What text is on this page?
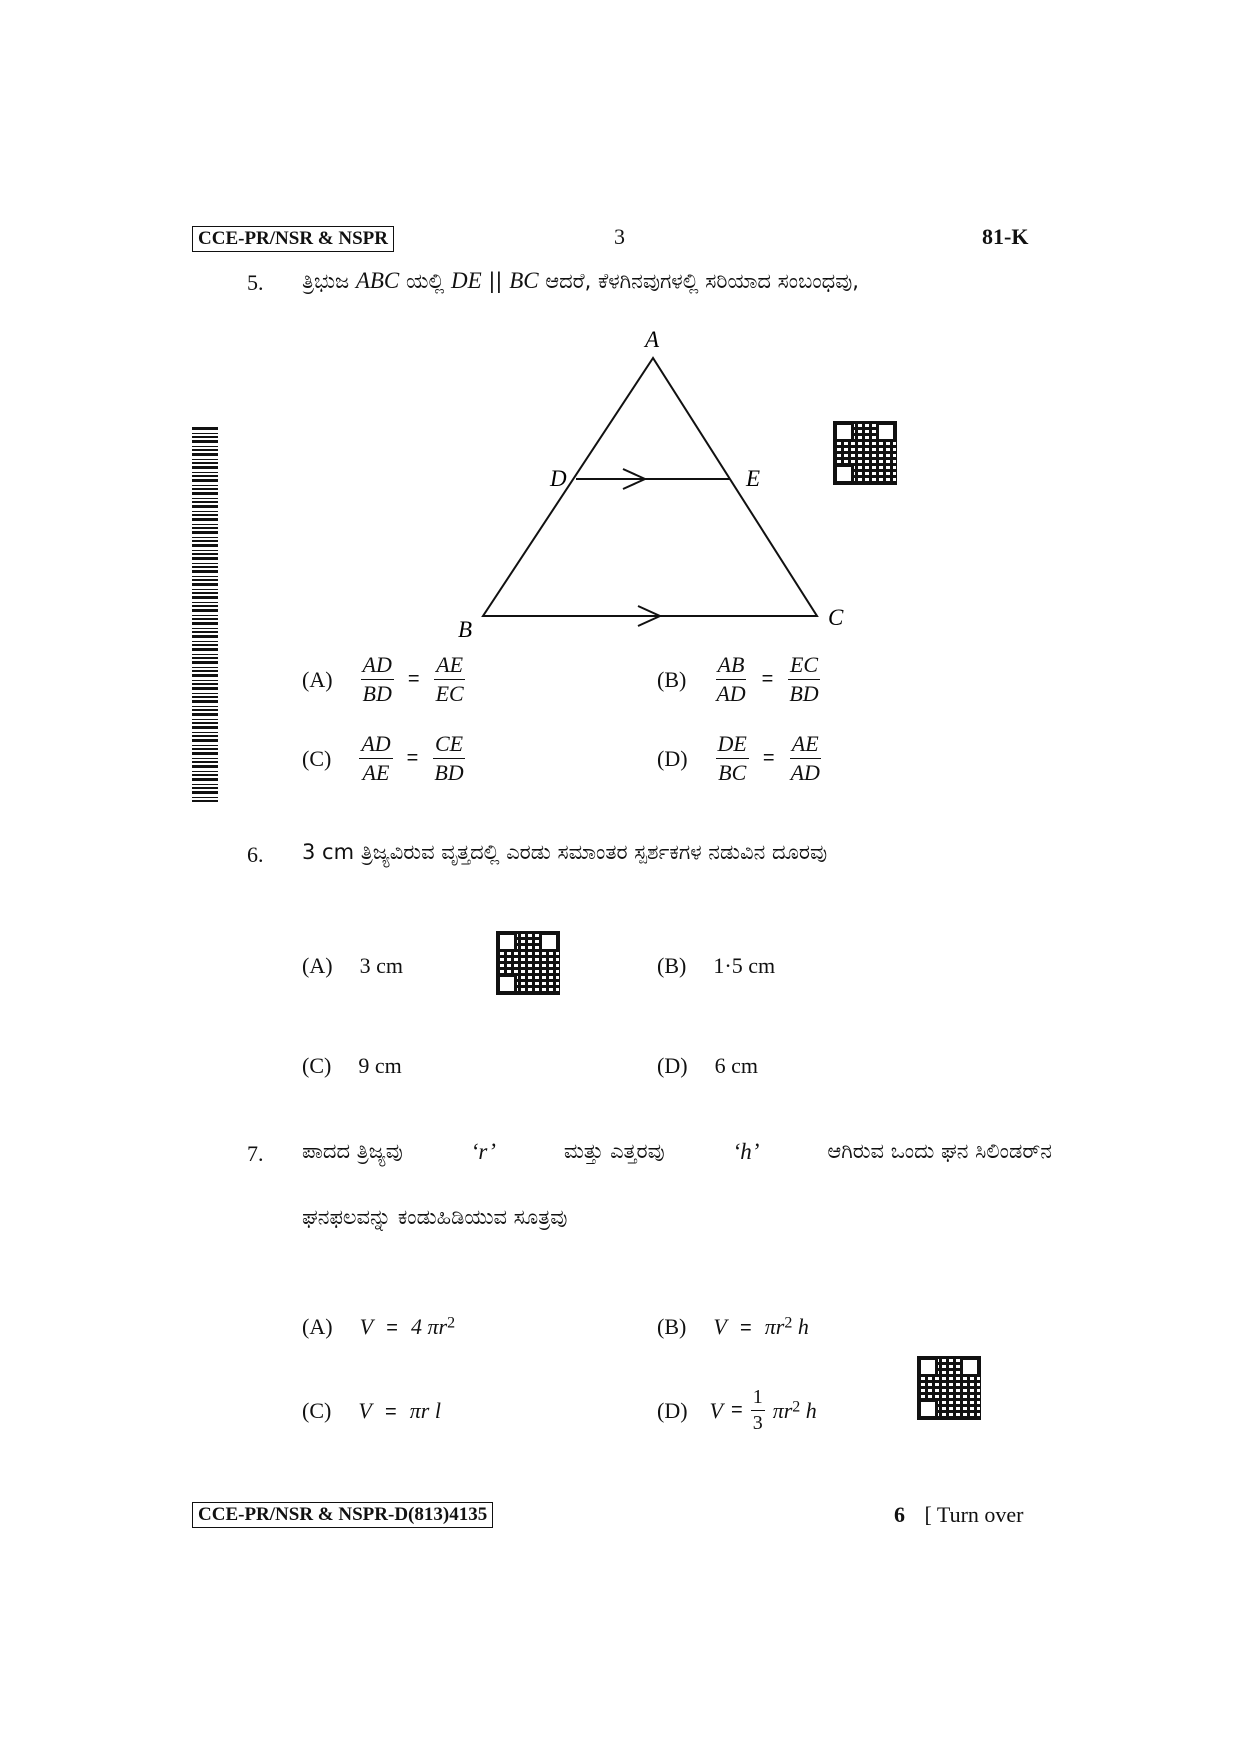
CCE-PR/NSR & NSPR	3	81-K
5. ತ್ರಿಭುಜ ABC ಯಲ್ಲಿ DE || BC ಆದರೆ, ಕೆಳಗಿನವುಗಳಲ್ಲಿ ಸರಿಯಾದ ಸಂಬಂಧವು,
A
D	E
B	C
$(A) \frac{AD}{BD} = \frac{AE}{EC}$	$(B) \frac{AB}{AD} = \frac{EC}{BD}$
$(C) \frac{AD}{AE} = \frac{CE}{BD}$	$(D) \frac{DE}{BC} = \frac{AE}{AD}$
6. 3 cm ತ್ರಿಜ್ಯವಿರುವ ವೃತ್ತದಲ್ಲಿ ಎರಡು ಸಮಾಂತರ ಸ್ಪರ್ಶಕಗಳ ನಡುವಿನ ದೂರವು
(A) 3 cm	(B) 1·5 cm
(C) 9 cm	(D) 6 cm
7. ಪಾದದ ತ್ರಿಜ್ಯವು	‘r’	ಮತ್ತು ಎತ್ತರವು	‘h’	ಆಗಿರುವ ಒಂದು ಘನ ಸಿಲಿಂಡರ್‌ನ
ಘನಫಲವನ್ನು ಕಂಡುಹಿಡಿಯುವ ಸೂತ್ರವು
(A) V = 4 $\pi r^2$	(B) $V = \pi r^2$ h
(C) V = πr l	(D) $V = \frac{1}{3} \pi r^2$ h
CCE-PR/NSR & NSPR-D(813)4135	6 [ Turn over
